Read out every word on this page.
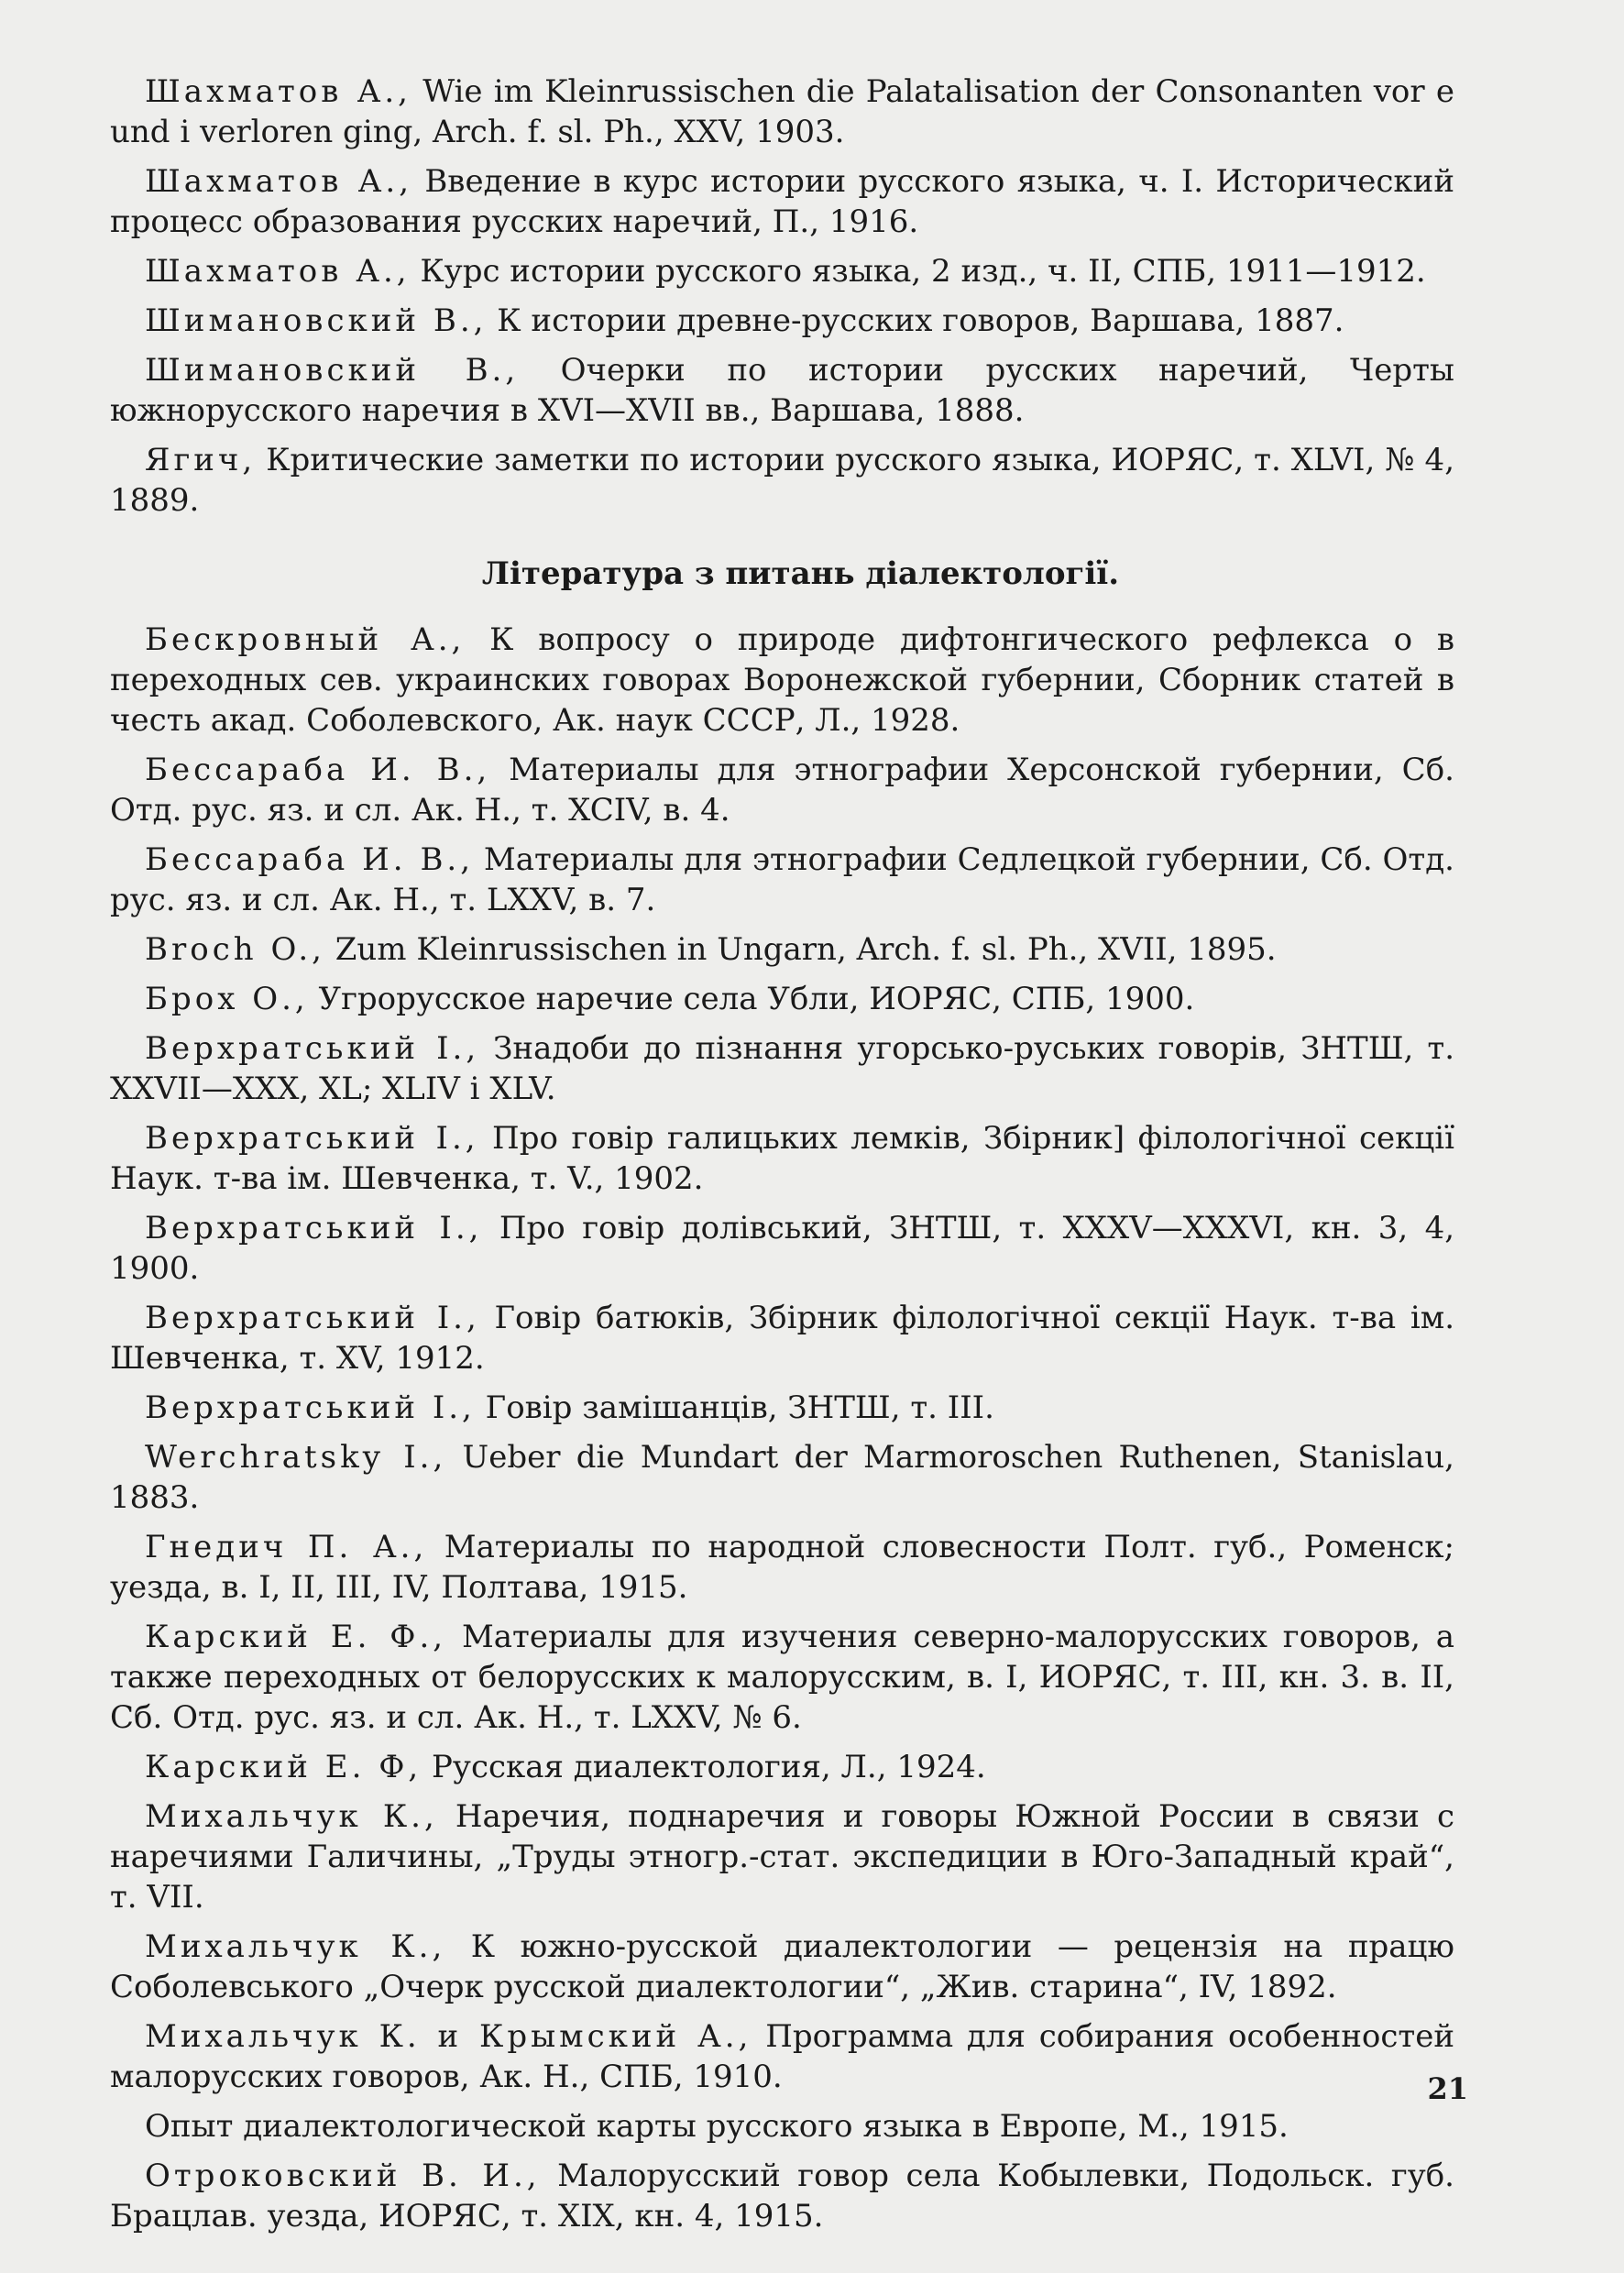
Шахматов А., Wie im Kleinrussischen die Palatalisation der Consonanten vor e und i verloren ging, Arch. f. sl. Ph., XXV, 1903.

Шахматов А., Введение в курс истории русского языка, ч. I. Исторический процесс образования русских наречий, П., 1916.

Шахматов А., Курс истории русского языка, 2 изд., ч. II, СПБ, 1911—1912.

Шимановский В., К истории древне-русских говоров, Варшава, 1887.

Шимановский В., Очерки по истории русских наречий, Черты южнорусского наречия в XVI—XVII вв., Варшава, 1888.

Ягич, Критические заметки по истории русского языка, ИОРЯС, т. XLVI, № 4, 1889.

Література з питань діалектології.

Бескровный А., К вопросу о природе дифтонгического рефлекса о в переходных сев. украинских говорах Воронежской губернии, Сборник статей в честь акад. Соболевского, Ак. наук СССР, Л., 1928.

Бессараба И. В., Материалы для этнографии Херсонской губернии, Сб. Отд. рус. яз. и сл. Ак. Н., т. XCIV, в. 4.

Бессараба И. В., Материалы для этнографии Седлецкой губернии, Сб. Отд. рус. яз. и сл. Ак. Н., т. LXXV, в. 7.

Broch O., Zum Kleinrussischen in Ungarn, Arch. f. sl. Ph., XVII, 1895.

Брох О., Угрорусское наречие села Убли, ИОРЯС, СПБ, 1900.

Верхратський І., Знадоби до пізнання угорсько-руських говорів, ЗНТШ, т. XXVII—XXX, XL; XLIV і XLV.

Верхратський І., Про говір галицьких лемків, Збірник] філологічної секції Наук. т-ва ім. Шевченка, т. V., 1902.

Верхратський І., Про говір долівський, ЗНТШ, т. XXXV—XXXVI, кн. 3, 4, 1900.

Верхратський І., Говір батюків, Збірник філологічної секції Наук. т-ва ім. Шевченка, т. XV, 1912.

Верхратський І., Говір замішанців, ЗНТШ, т. III.

Werchratsky I., Ueber die Mundart der Marmoroschen Ruthenen, Stanislau, 1883.

Гнедич П. А., Материалы по народной словесности Полт. губ., Роменск; уезда, в. I, II, III, IV, Полтава, 1915.

Карский Е. Ф., Материалы для изучения северно-малорусских говоров, а также переходных от белорусских к малорусским, в. I, ИОРЯС, т. III, кн. 3. в. II, Сб. Отд. рус. яз. и сл. Ак. Н., т. LXXV, № 6.

Карский Е. Ф, Русская диалектология, Л., 1924.

Михальчук К., Наречия, поднаречия и говоры Южной России в связи с наречиями Галичины, „Труды этногр.-стат. экспедиции в Юго-Западный край“, т. VII.

Михальчук К., К южно-русской диалектологии — рецензія на працю Соболевського „Очерк русской диалектологии“, „Жив. старина“, IV, 1892.

Михальчук К. и Крымский А., Программа для собирания особенностей малорусских говоров, Ак. Н., СПБ, 1910.

Опыт диалектологической карты русского языка в Европе, М., 1915.

Отроковский В. И., Малорусский говор села Кобылевки, Подольск. губ. Брацлав. уезда, ИОРЯС, т. XIX, кн. 4, 1915.

21
